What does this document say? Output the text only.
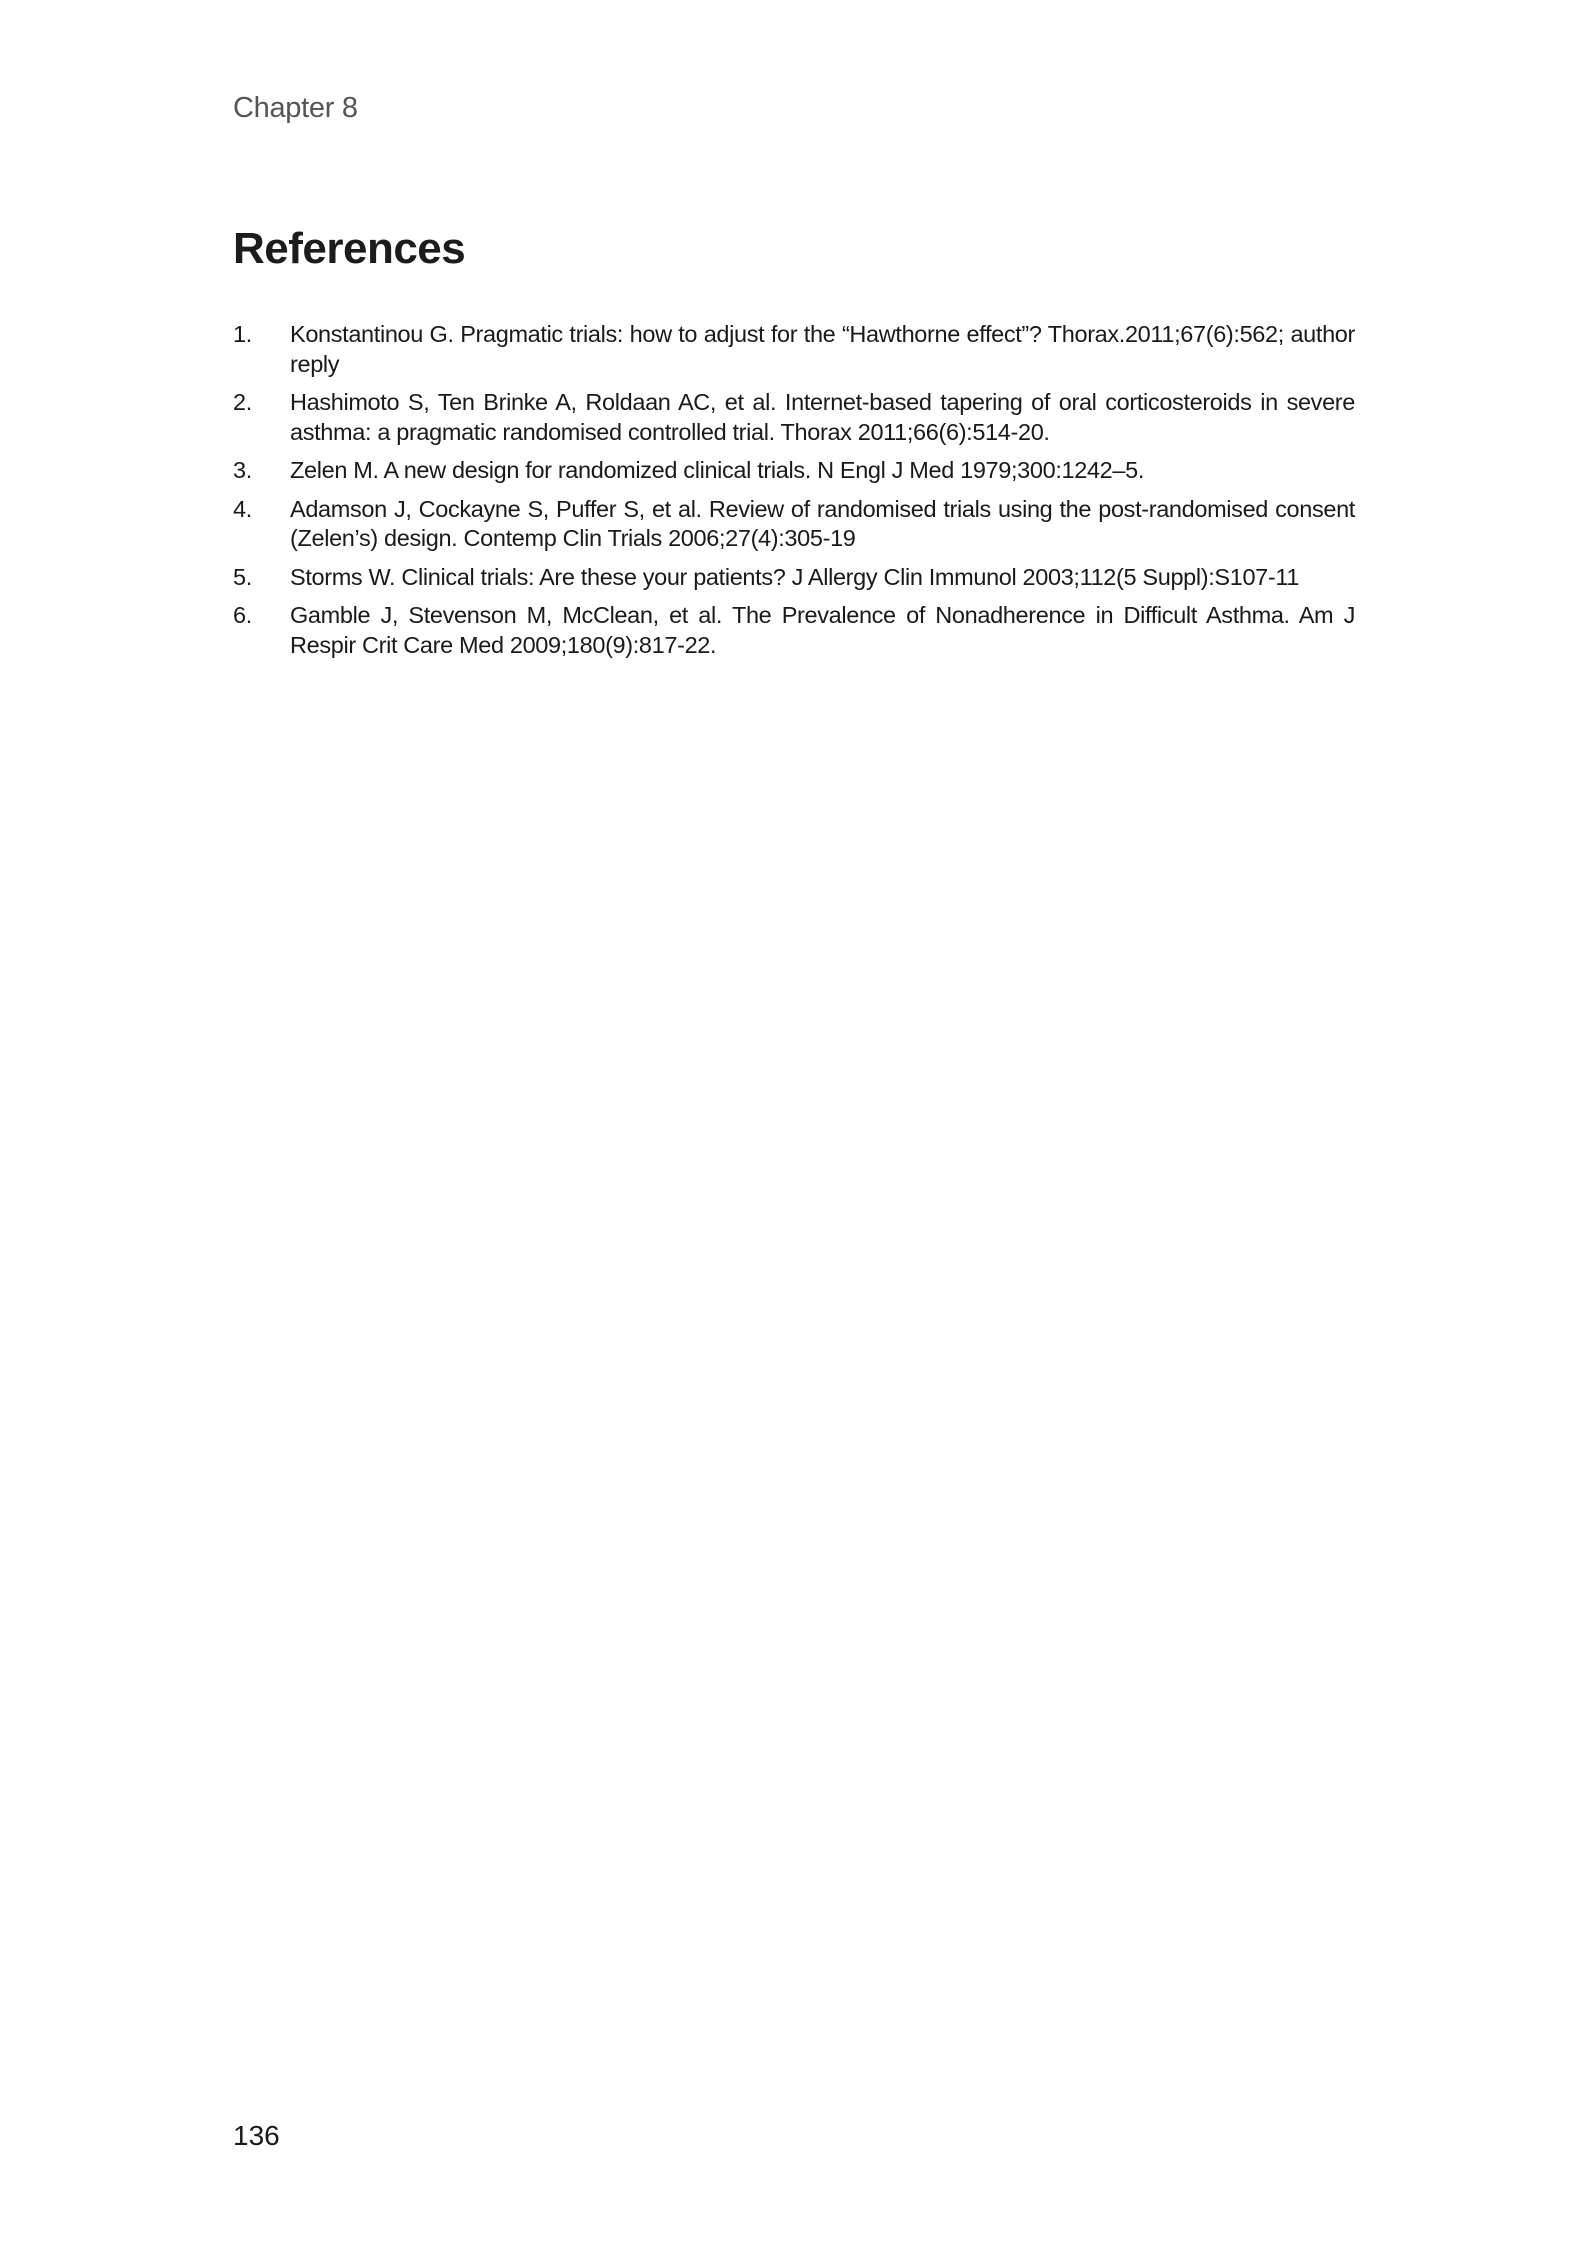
Chapter 8
References
1. Konstantinou G. Pragmatic trials: how to adjust for the “Hawthorne effect”? Thorax.2011;67(6):562; author reply
2. Hashimoto S, Ten Brinke A, Roldaan AC, et al. Internet-based tapering of oral corticosteroids in severe asthma: a pragmatic randomised controlled trial. Thorax 2011;66(6):514-20.
3. Zelen M. A new design for randomized clinical trials. N Engl J Med 1979;300:1242–5.
4. Adamson J, Cockayne S, Puffer S, et al. Review of randomised trials using the post-randomised consent (Zelen’s) design. Contemp Clin Trials 2006;27(4):305-19
5. Storms W. Clinical trials: Are these your patients? J Allergy Clin Immunol 2003;112(5 Suppl):S107-11
6. Gamble J, Stevenson M, McClean, et al. The Prevalence of Nonadherence in Difficult Asthma. Am J Respir Crit Care Med 2009;180(9):817-22.
136
